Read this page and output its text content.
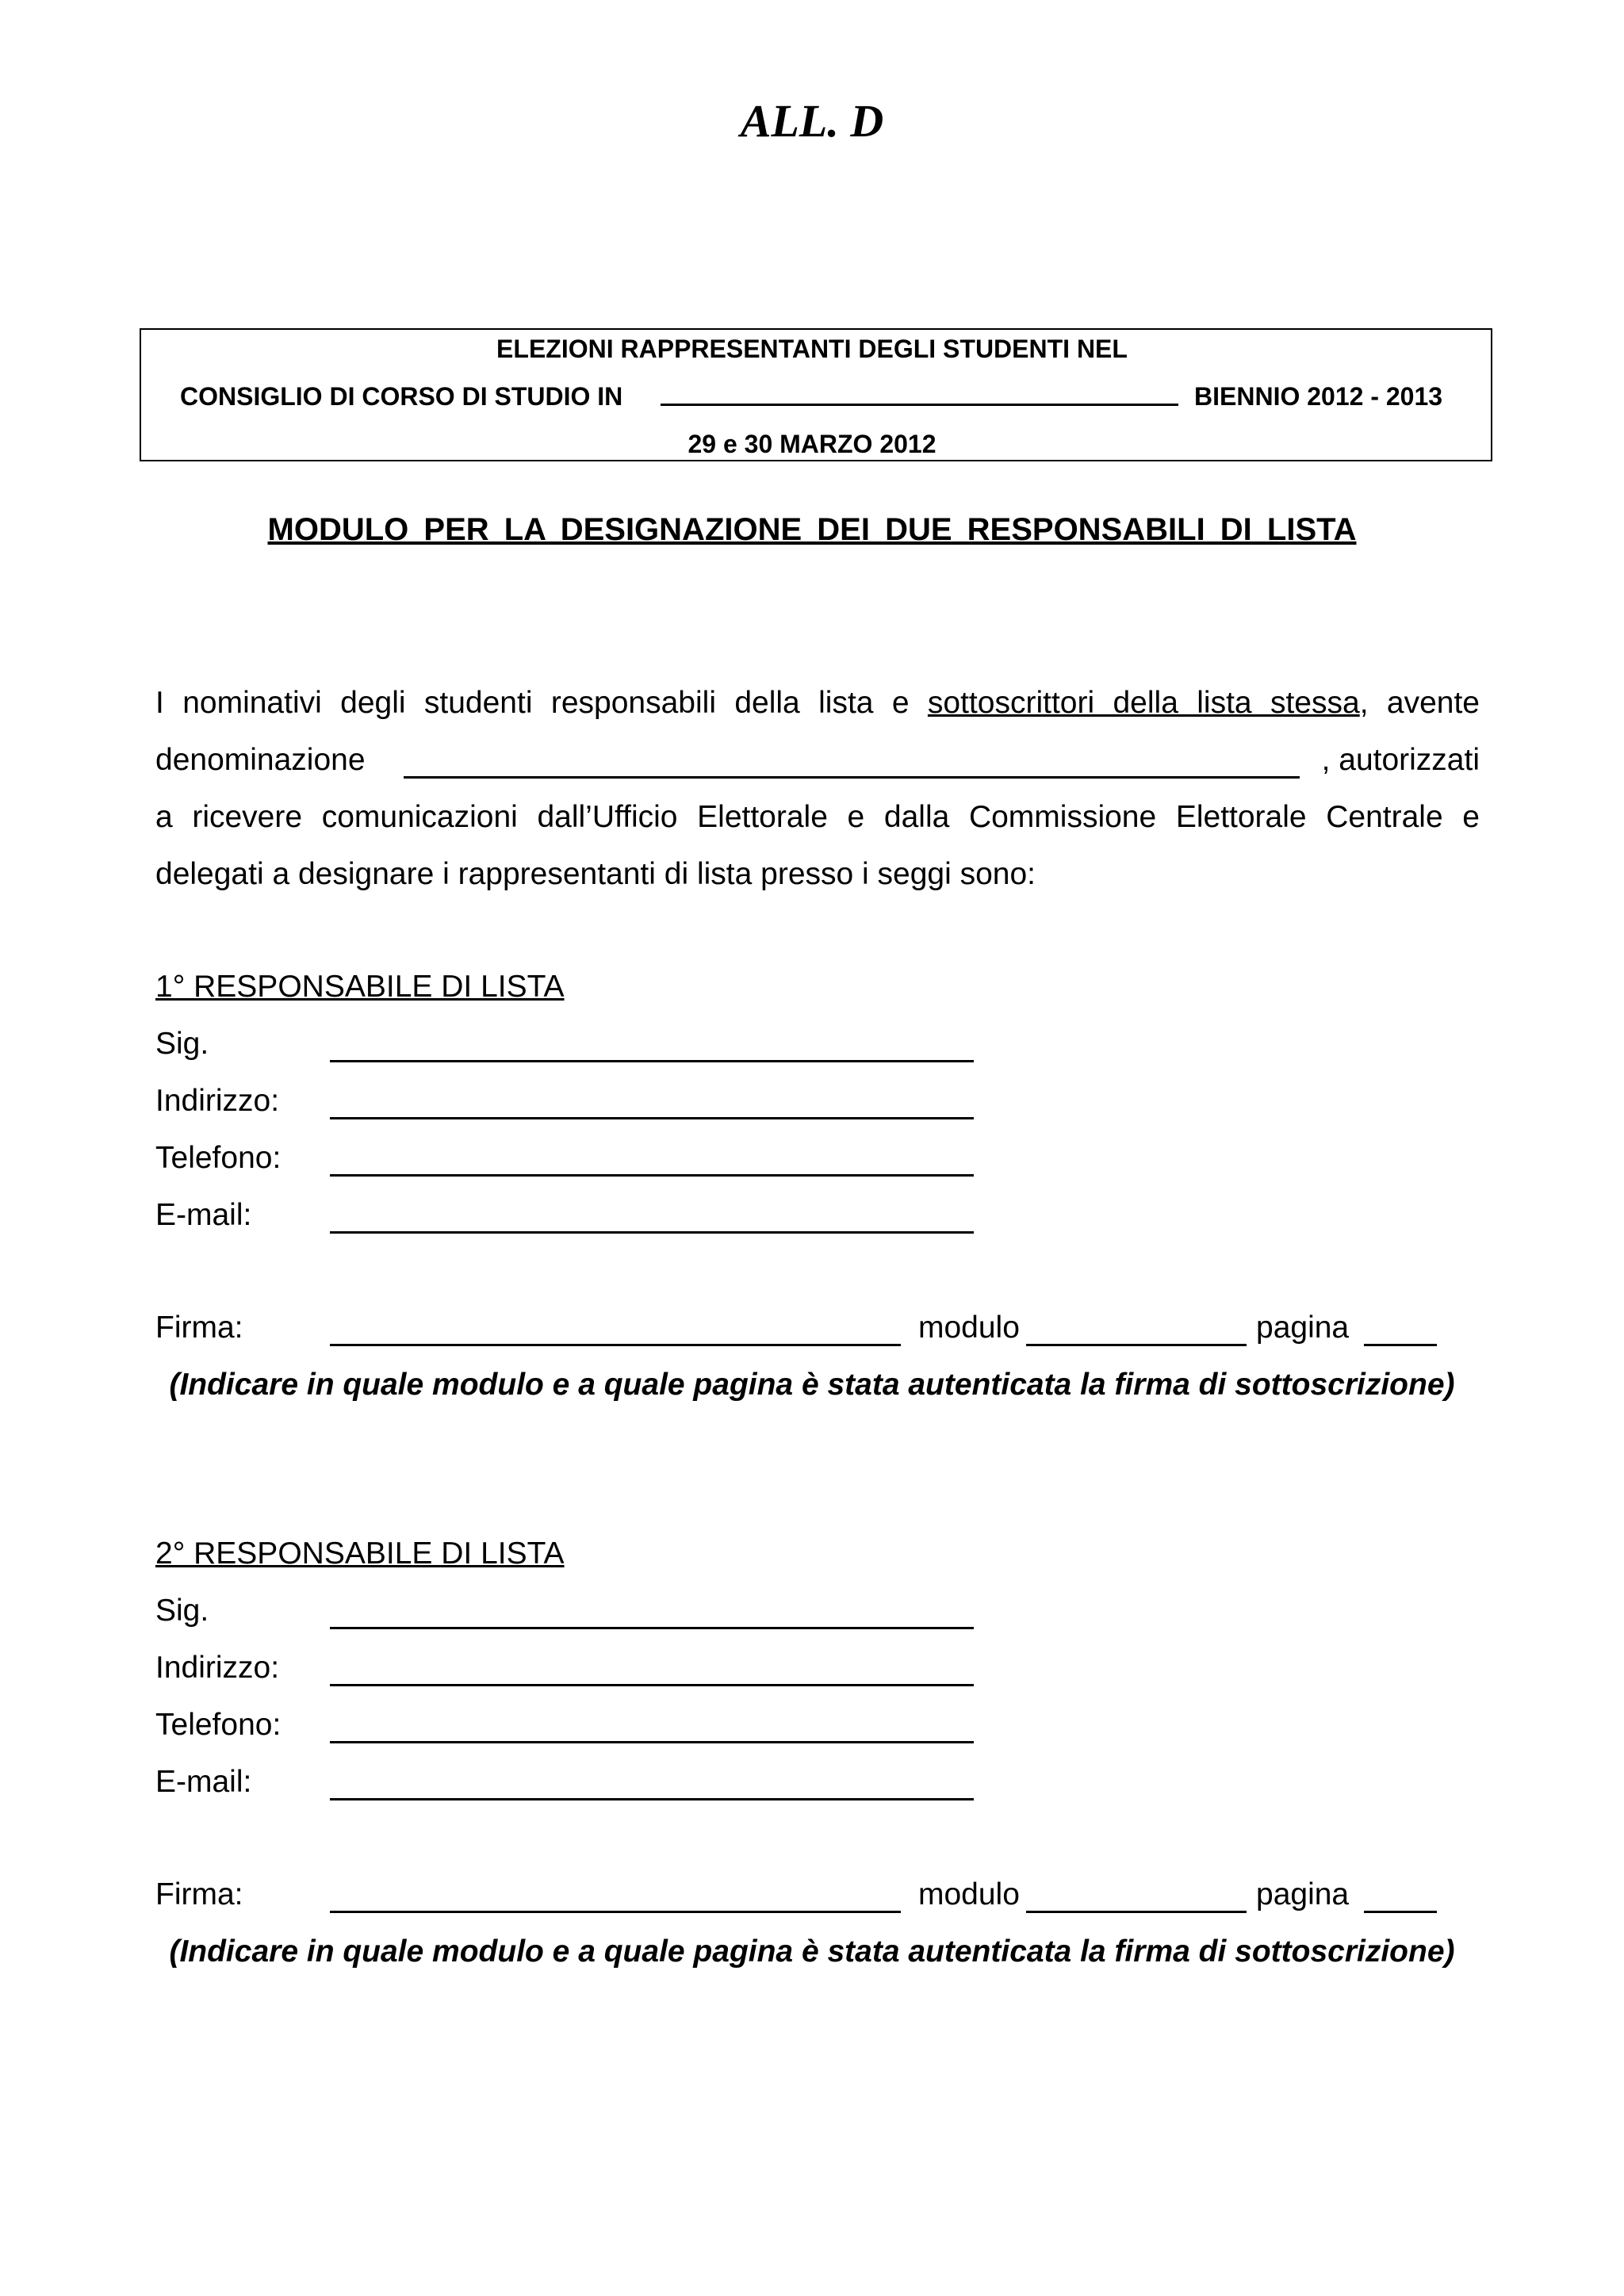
ALL. D
ELEZIONI RAPPRESENTANTI DEGLI STUDENTI NEL
CONSIGLIO DI CORSO DI STUDIO IN	BIENNIO 2012 - 2013
29 e 30 MARZO 2012
MODULO PER LA DESIGNAZIONE DEI DUE RESPONSABILI DI LISTA
I nominativi degli studenti responsabili della lista e sottoscrittori della lista stessa, avente
denominazione	, autorizzati
a ricevere comunicazioni dall’Ufficio Elettorale e dalla Commissione Elettorale Centrale e
delegati a designare i rappresentanti di lista presso i seggi sono:
1° RESPONSABILE DI LISTA
Sig.
Indirizzo:
Telefono:
E-mail:
Firma:	modulo	pagina
(Indicare in quale modulo e a quale pagina è stata autenticata la firma di sottoscrizione)
2° RESPONSABILE DI LISTA
Sig.
Indirizzo:
Telefono:
E-mail:
Firma:	modulo	pagina
(Indicare in quale modulo e a quale pagina è stata autenticata la firma di sottoscrizione)
